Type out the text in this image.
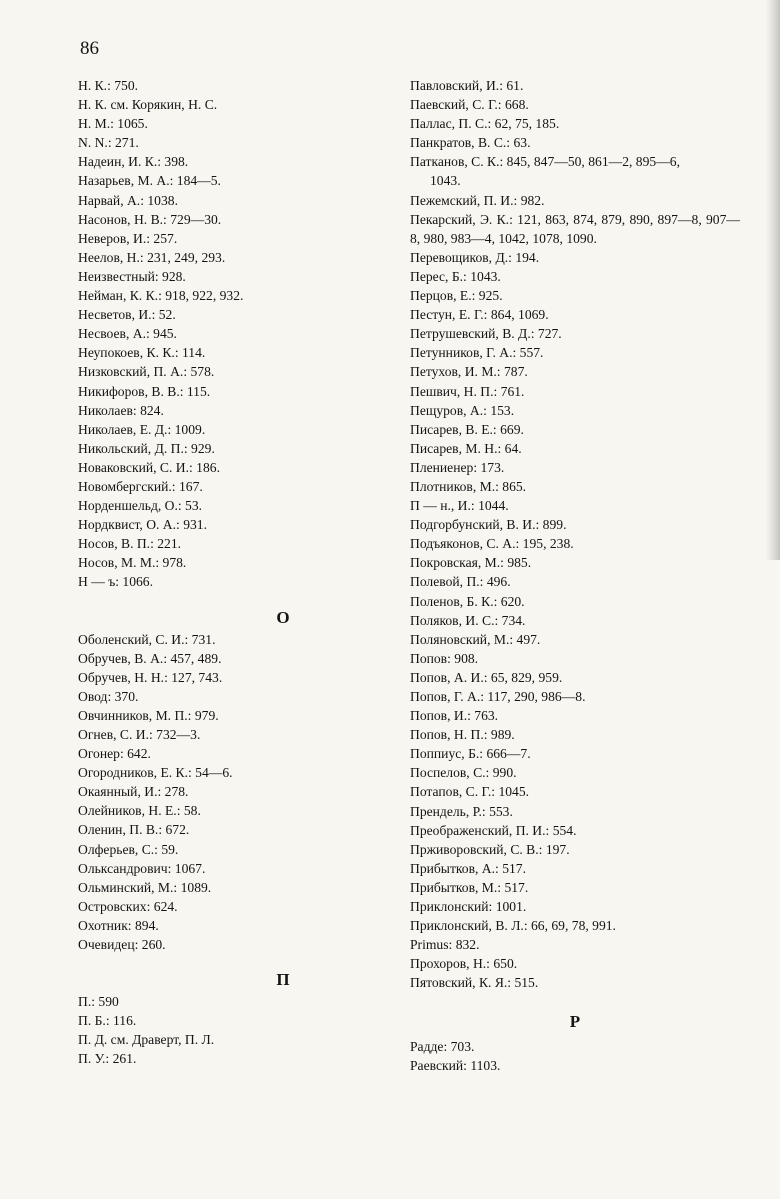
86
Н. К.: 750.
Н. К. см. Корякин, Н. С.
Н. М.: 1065.
N. N.: 271.
Надеин, И. К.: 398.
Назарьев, М. А.: 184—5.
Нарвай, А.: 1038.
Насонов, Н. В.: 729—30.
Неверов, И.: 257.
Неелов, Н.: 231, 249, 293.
Неизвестный: 928.
Нейман, К. К.: 918, 922, 932.
Несветов, И.: 52.
Несвоев, А.: 945.
Неупокоев, К. К.: 114.
Низковский, П. А.: 578.
Никифоров, В. В.: 115.
Николаев: 824.
Николаев, Е. Д.: 1009.
Никольский, Д. П.: 929.
Новаковский, С. И.: 186.
Новомбергский.: 167.
Норденшельд, О.: 53.
Нордквист, О. А.: 931.
Носов, В. П.: 221.
Носов, М. М.: 978.
Н — ъ: 1066.
О
Оболенский, С. И.: 731.
Обручев, В. А.: 457, 489.
Обручев, Н. Н.: 127, 743.
Овод: 370.
Овчинников, М. П.: 979.
Огнев, С. И.: 732—3.
Огонер: 642.
Огородников, Е. К.: 54—6.
Окаянный, И.: 278.
Олейников, Н. Е.: 58.
Оленин, П. В.: 672.
Олферьев, С.: 59.
Ольксандрович: 1067.
Ольминский, М.: 1089.
Островских: 624.
Охотник: 894.
Очевидец: 260.
П
П.: 590
П. Б.: 116.
П. Д. см. Драверт, П. Л.
П. У.: 261.
Павловский, И.: 61.
Паевский, С. Г.: 668.
Паллас, П. С.: 62, 75, 185.
Панкратов, В. С.: 63.
Патканов, С. К.: 845, 847—50, 861—2, 895—6,
1043.
Пежемский, П. И.: 982.
Пекарский, Э. К.: 121, 863, 874, 879, 890, 897—8, 907—8, 980, 983—4, 1042, 1078, 1090.
Перевощиков, Д.: 194.
Перес, Б.: 1043.
Перцов, Е.: 925.
Пестун, Е. Г.: 864, 1069.
Петрушевский, В. Д.: 727.
Петунников, Г. А.: 557.
Петухов, И. М.: 787.
Пешвич, Н. П.: 761.
Пещуров, А.: 153.
Писарев, В. Е.: 669.
Писарев, М. Н.: 64.
Плениенер: 173.
Плотников, М.: 865.
П — н., И.: 1044.
Подгорбунский, В. И.: 899.
Подъяконов, С. А.: 195, 238.
Покровская, М.: 985.
Полевой, П.: 496.
Поленов, Б. К.: 620.
Поляков, И. С.: 734.
Поляновский, М.: 497.
Попов: 908.
Попов, А. И.: 65, 829, 959.
Попов, Г. А.: 117, 290, 986—8.
Попов, И.: 763.
Попов, Н. П.: 989.
Поппиус, Б.: 666—7.
Поспелов, С.: 990.
Потапов, С. Г.: 1045.
Прендель, Р.: 553.
Преображенский, П. И.: 554.
Прживоровский, С. В.: 197.
Прибытков, А.: 517.
Прибытков, М.: 517.
Приклонский: 1001.
Приклонский, В. Л.: 66, 69, 78, 991.
Primus: 832.
Прохоров, Н.: 650.
Пятовский, К. Я.: 515.
Р
Радде: 703.
Раевский: 1103.
